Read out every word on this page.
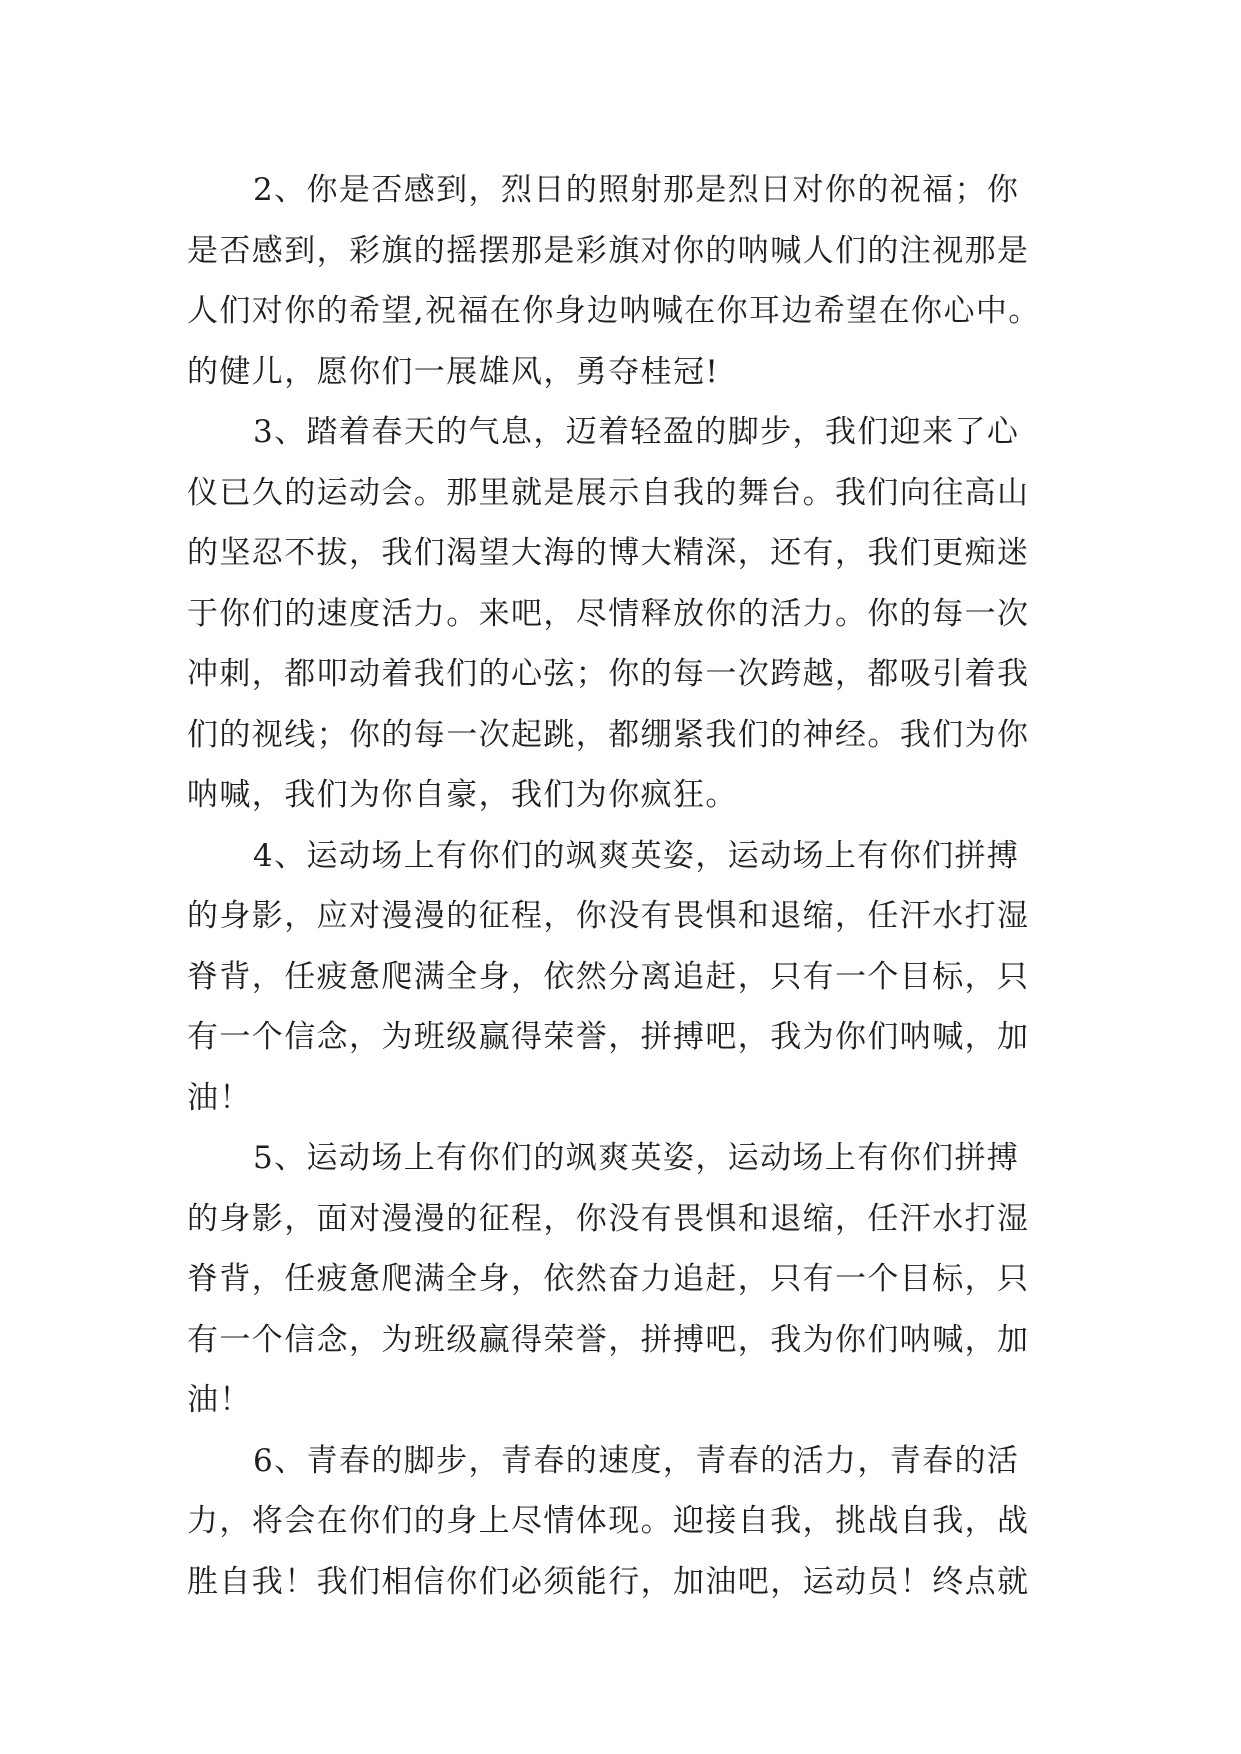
2、你是否感到，烈日的照射那是烈日对你的祝福；你
是否感到，彩旗的摇摆那是彩旗对你的呐喊人们的注视那是
人们对你的希望,祝福在你身边呐喊在你耳边希望在你心中。
的健儿，愿你们一展雄风，勇夺桂冠!
3、踏着春天的气息，迈着轻盈的脚步，我们迎来了心
仪已久的运动会。那里就是展示自我的舞台。我们向往高山
的坚忍不拔，我们渴望大海的博大精深，还有，我们更痴迷
于你们的速度活力。来吧，尽情释放你的活力。你的每一次
冲刺，都叩动着我们的心弦；你的每一次跨越，都吸引着我
们的视线；你的每一次起跳，都绷紧我们的神经。我们为你
呐喊，我们为你自豪，我们为你疯狂。
4、运动场上有你们的飒爽英姿，运动场上有你们拼搏
的身影，应对漫漫的征程，你没有畏惧和退缩，任汗水打湿
脊背，任疲惫爬满全身，依然分离追赶，只有一个目标，只
有一个信念，为班级赢得荣誉，拼搏吧，我为你们呐喊，加
油！
5、运动场上有你们的飒爽英姿，运动场上有你们拼搏
的身影，面对漫漫的征程，你没有畏惧和退缩，任汗水打湿
脊背，任疲惫爬满全身，依然奋力追赶，只有一个目标，只
有一个信念，为班级赢得荣誉，拼搏吧，我为你们呐喊，加
油！
6、青春的脚步，青春的速度，青春的活力，青春的活
力，将会在你们的身上尽情体现。迎接自我，挑战自我，战
胜自我！我们相信你们必须能行，加油吧，运动员！终点就
